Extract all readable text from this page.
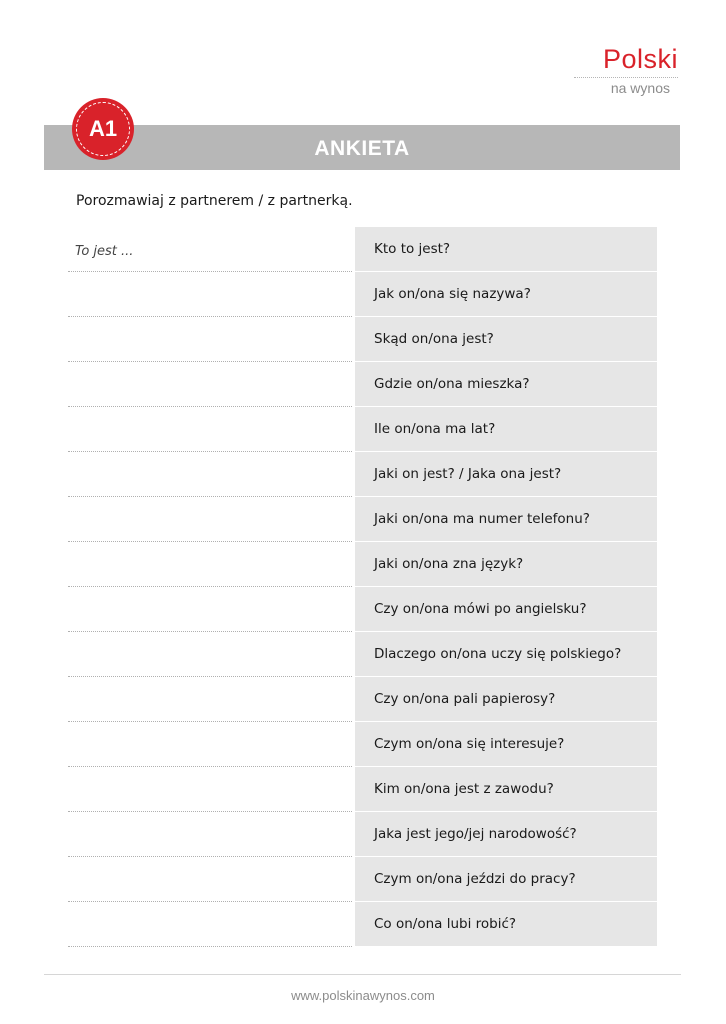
Polski
na wynos
ANKIETA
A1
Porozmawiaj z partnerem / z partnerką.
To jest ...	Kto to jest?
Jak on/ona się nazywa?
Skąd on/ona jest?
Gdzie on/ona mieszka?
Ile on/ona ma lat?
Jaki on jest? / Jaka ona jest?
Jaki on/ona ma numer telefonu?
Jaki on/ona zna język?
Czy on/ona mówi po angielsku?
Dlaczego on/ona uczy się polskiego?
Czy on/ona pali papierosy?
Czym on/ona się interesuje?
Kim on/ona jest z zawodu?
Jaka jest jego/jej narodowość?
Czym on/ona jeździ do pracy?
Co on/ona lubi robić?
www.polskinawynos.com
